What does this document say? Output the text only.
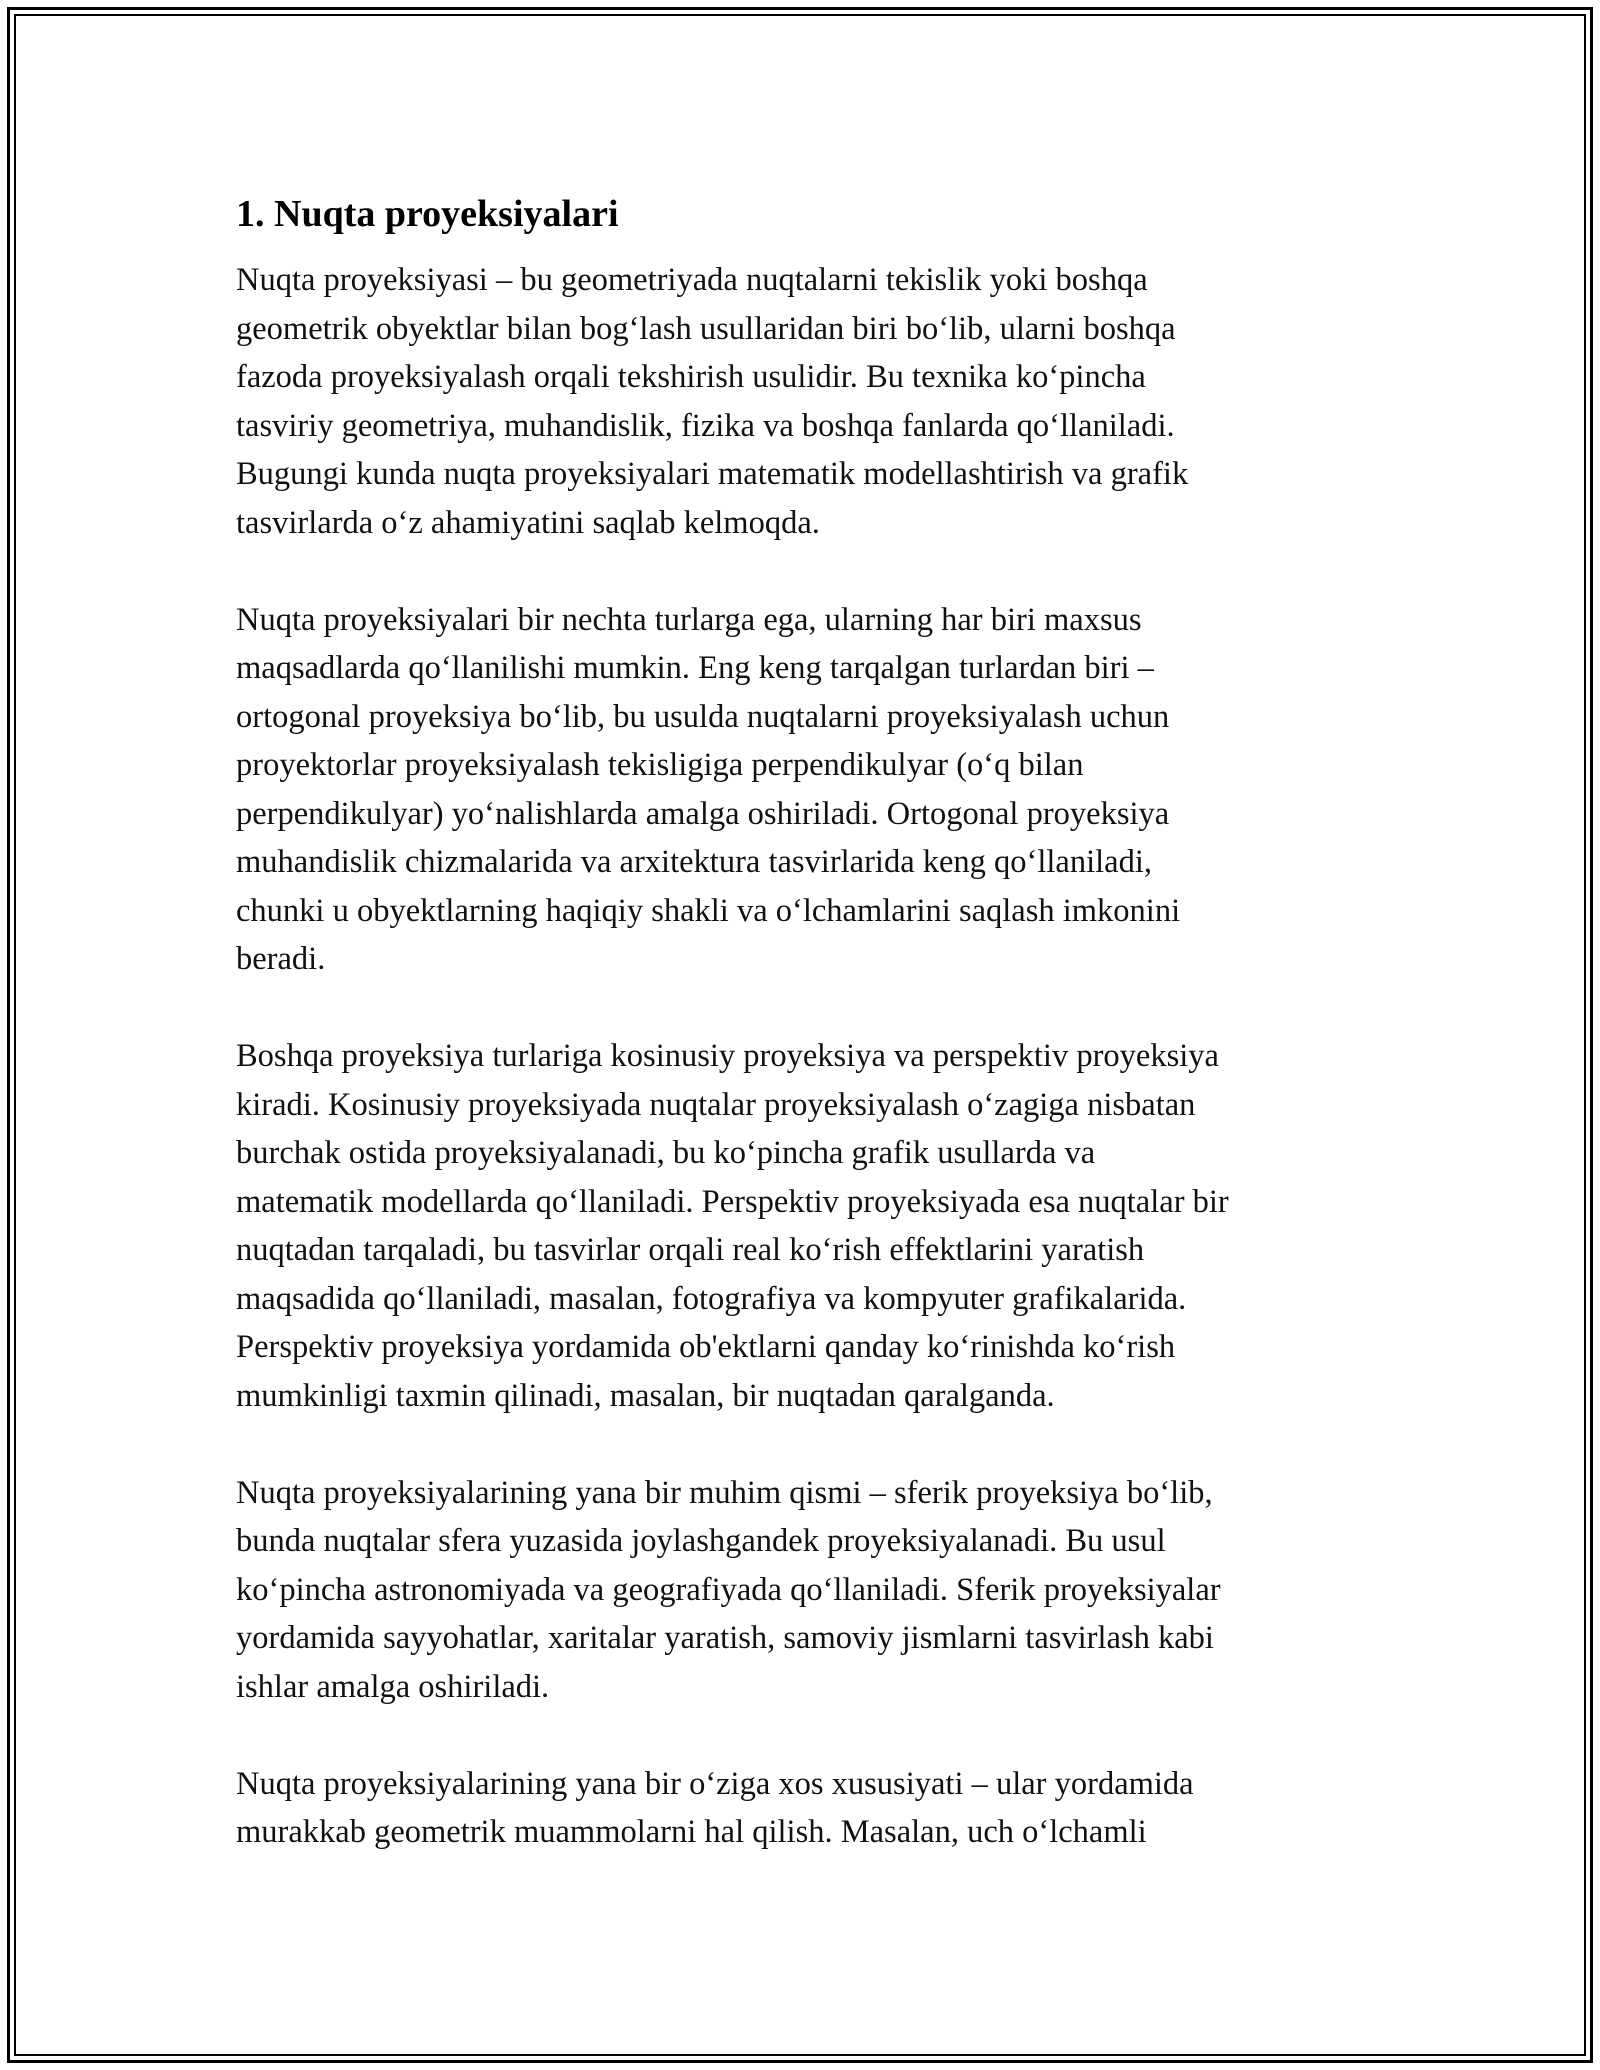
1. Nuqta proyeksiyalari
Nuqta proyeksiyasi – bu geometriyada nuqtalarni tekislik yoki boshqa
geometrik obyektlar bilan bog‘lash usullaridan biri bo‘lib, ularni boshqa
fazoda proyeksiyalash orqali tekshirish usulidir. Bu texnika ko‘pincha
tasviriy geometriya, muhandislik, fizika va boshqa fanlarda qo‘llaniladi.
Bugungi kunda nuqta proyeksiyalari matematik modellashtirish va grafik
tasvirlarda o‘z ahamiyatini saqlab kelmoqda.
Nuqta proyeksiyalari bir nechta turlarga ega, ularning har biri maxsus
maqsadlarda qo‘llanilishi mumkin. Eng keng tarqalgan turlardan biri –
ortogonal proyeksiya bo‘lib, bu usulda nuqtalarni proyeksiyalash uchun
proyektorlar proyeksiyalash tekisligiga perpendikulyar (o‘q bilan
perpendikulyar) yo‘nalishlarda amalga oshiriladi. Ortogonal proyeksiya
muhandislik chizmalarida va arxitektura tasvirlarida keng qo‘llaniladi,
chunki u obyektlarning haqiqiy shakli va o‘lchamlarini saqlash imkonini
beradi.
Boshqa proyeksiya turlariga kosinusiy proyeksiya va perspektiv proyeksiya
kiradi. Kosinusiy proyeksiyada nuqtalar proyeksiyalash o‘zagiga nisbatan
burchak ostida proyeksiyalanadi, bu ko‘pincha grafik usullarda va
matematik modellarda qo‘llaniladi. Perspektiv proyeksiyada esa nuqtalar bir
nuqtadan tarqaladi, bu tasvirlar orqali real ko‘rish effektlarini yaratish
maqsadida qo‘llaniladi, masalan, fotografiya va kompyuter grafikalarida.
Perspektiv proyeksiya yordamida ob'ektlarni qanday ko‘rinishda ko‘rish
mumkinligi taxmin qilinadi, masalan, bir nuqtadan qaralganda.
Nuqta proyeksiyalarining yana bir muhim qismi – sferik proyeksiya bo‘lib,
bunda nuqtalar sfera yuzasida joylashgandek proyeksiyalanadi. Bu usul
ko‘pincha astronomiyada va geografiyada qo‘llaniladi. Sferik proyeksiyalar
yordamida sayyohatlar, xaritalar yaratish, samoviy jismlarni tasvirlash kabi
ishlar amalga oshiriladi.
Nuqta proyeksiyalarining yana bir o‘ziga xos xususiyati – ular yordamida
murakkab geometrik muammolarni hal qilish. Masalan, uch o‘lchamli
